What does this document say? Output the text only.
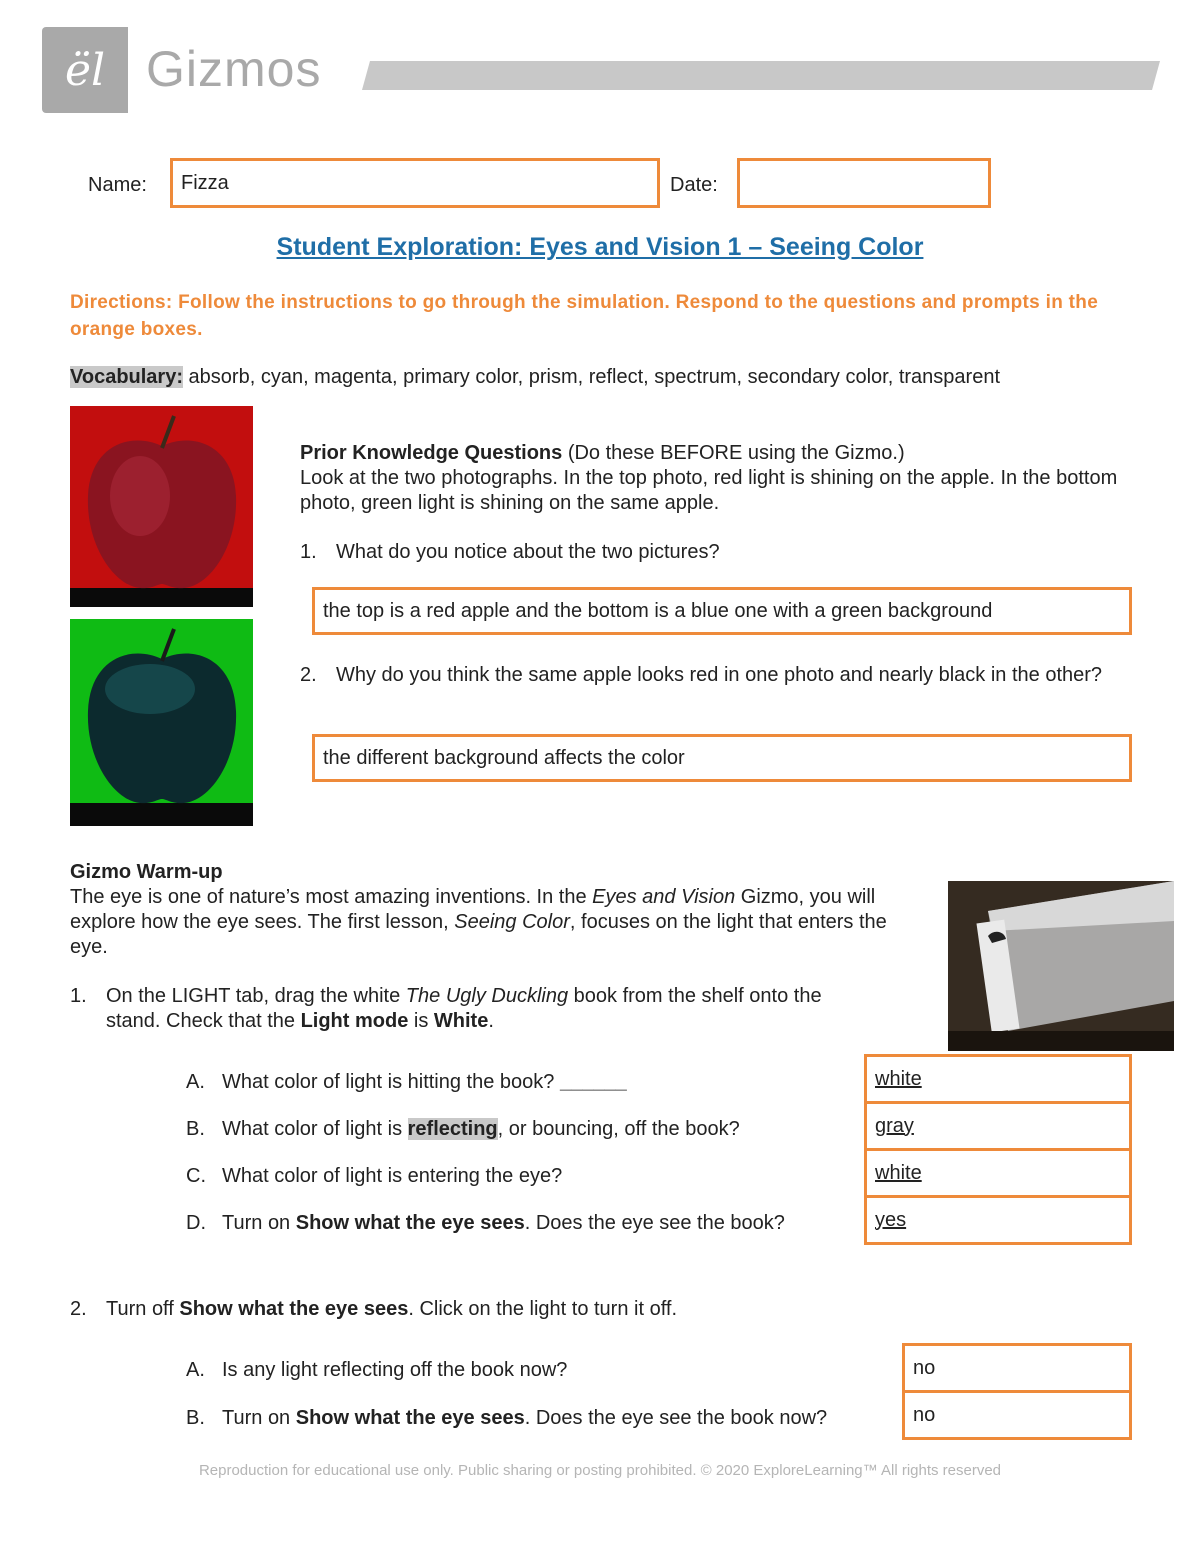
ël Gizmos
Name: Fizza	Date:
Student Exploration: Eyes and Vision 1 – Seeing Color
Directions: Follow the instructions to go through the simulation. Respond to the questions and prompts in the orange boxes.
Vocabulary: absorb, cyan, magenta, primary color, prism, reflect, spectrum, secondary color, transparent
Prior Knowledge Questions (Do these BEFORE using the Gizmo.)
Look at the two photographs. In the top photo, red light is shining on the apple. In the bottom photo, green light is shining on the same apple.
1. What do you notice about the two pictures?
the top is a red apple and the bottom is a blue one with a green background
2. Why do you think the same apple looks red in one photo and nearly black in the other?
the different background affects the color
Gizmo Warm-up
The eye is one of nature’s most amazing inventions. In the Eyes and Vision Gizmo, you will explore how the eye sees. The first lesson, Seeing Color, focuses on the light that enters the eye.
1. On the LIGHT tab, drag the white The Ugly Duckling book from the shelf onto the stand. Check that the Light mode is White.
A. What color of light is hitting the book? ______
B. What color of light is reflecting, or bouncing, off the book?
C. What color of light is entering the eye?
D. Turn on Show what the eye sees. Does the eye see the book?
white
gray
white
yes
2. Turn off Show what the eye sees. Click on the light to turn it off.
A. Is any light reflecting off the book now?
B. Turn on Show what the eye sees. Does the eye see the book now?
no
no
Reproduction for educational use only. Public sharing or posting prohibited. © 2020 ExploreLearning™ All rights reserved
